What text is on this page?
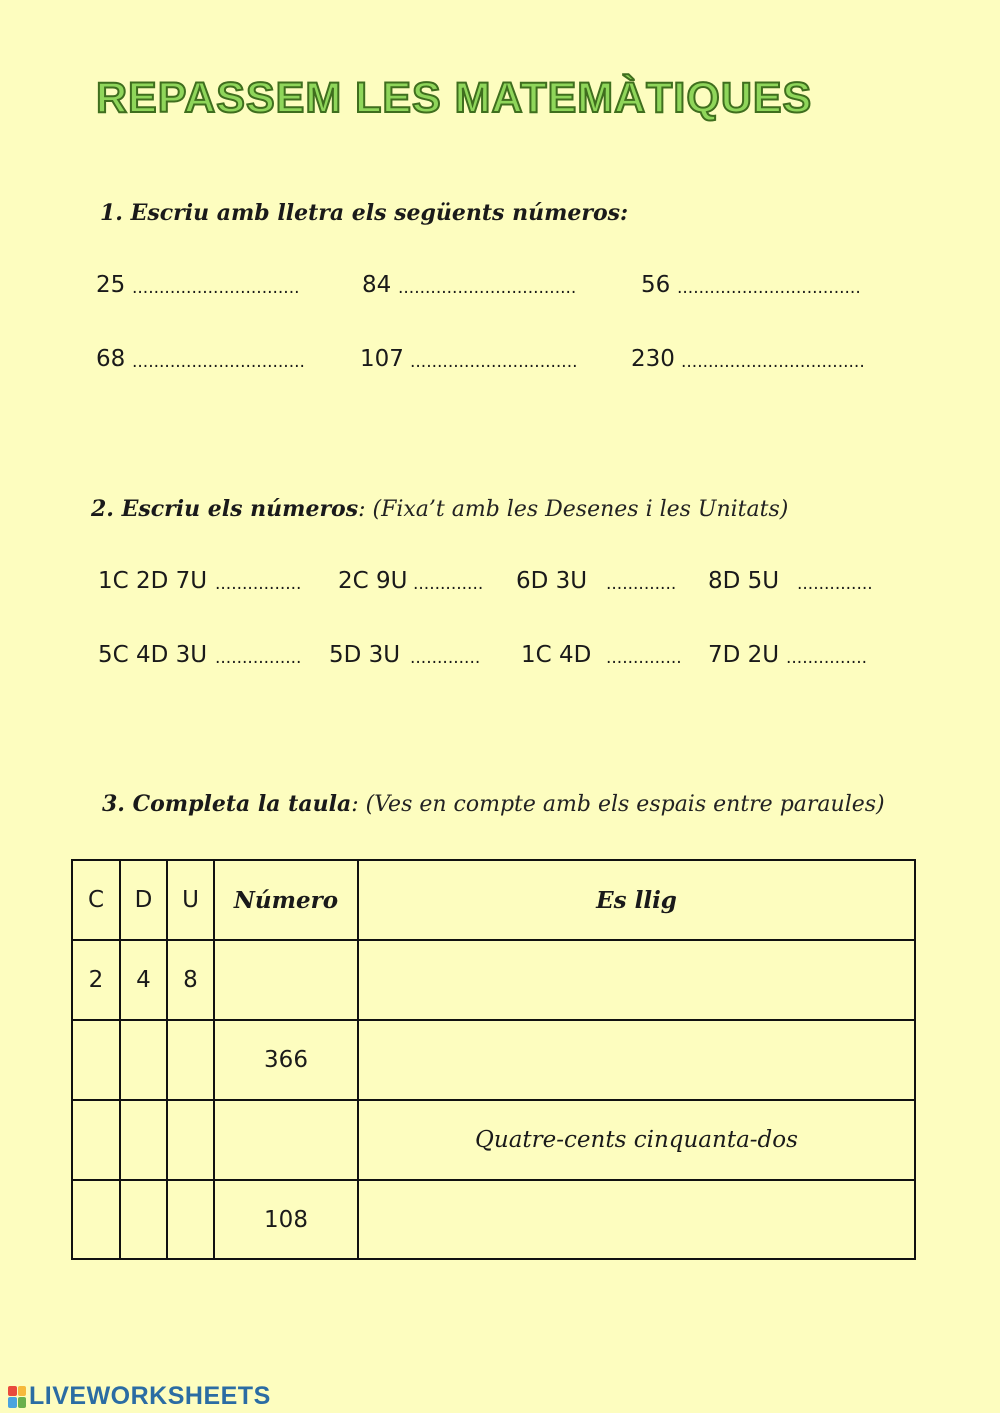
REPASSEM LES MATEMÀTIQUES
1. Escriu amb lletra els següents números:
25 ...............................	84 .................................	56 ..................................
68 ................................ 107 ............................... 230 ..................................
2. Escriu els números: (Fixa’t amb les Desenes i les Unitats)
1C 2D 7U ................ 2C 9U ............. 6D 3U ............. 8D 5U ..............
5C 4D 3U ................ 5D 3U ............. 1C 4D .............. 7D 2U ...............
3. Completa la taula: (Ves en compte amb els espais entre paraules)
C	D	U	Número	Es llig
2	4	8		
			366	
				Quatre-cents cinquanta-dos
			108	
LIVEWORKSHEETS
